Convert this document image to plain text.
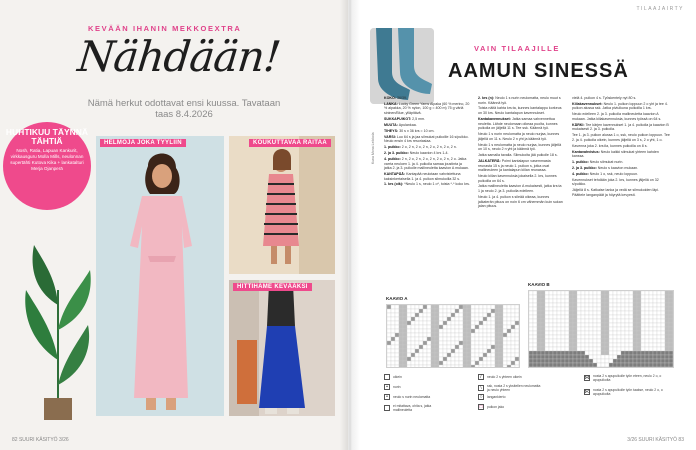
KEVÄÄN IHANIN MEKKOEXTRA
Nähdään!
Nämä herkut odottavat ensi kuussa. Tavataan taas 8.4.2026
HUHTIKUU TÄYNNÄ TÄHTIÄ
Nosh, Ratia, Lapuan Kankurit, virkkausguru Molla Mills, neulonnan supertähti Kutova Kika + lankatalturi Merja Ojanperä
HELMOJA JOKA TYYLIIN	KOUKUTTAVAA RAITAA
HITTIHAME KEVÄÄKSI
82 SUURI KÄSITYÖ 3/26
TILAAJAIRTY
3/26 SUURI KÄSITYÖ 83
VAIN TILAAJILLE
AAMUN SINESSÄ
Kuva Mona Leikkola

KOKO: 36/39.

LANKA: Lucky Green Yarns Alpaka (60 % merino, 20 % alpakka, 20 % nylon, 100 g = 400 m) 75 g väriä sininen/Blue, ylläpitävä.

SUKKAPUIKOT: 2,5 mm.

MUUTA: Apulankaa.

TIHEYS: 30 s x 36 krs = 10 cm.

VARSI: Luo 64 s ja jaa silmukat puikoille 16 s/puikko. Neulo ensin 4 krs resoriasiaa.

1. puikko: 2 o, 2 n, 2 o, 2 n, 2 o, 2 n, 2 o, 2 n.

2. ja 3. puikko: Neulo kaavion 4 krs 1-4.

4. puikko: 2 n, 2 o, 2 n, 2 o, 2 n, 2 o, 2 n, 2 o. Jatka varrta neuloen 1. ja 4. puikolla samaa joustinta ja jatka 2. ja 3. puikolle mallineuletta kaavion A mukaan.

KANTAPÄÄ: Kantapää neulotaan vahvistettuna kaksinkertaisella 1. ja 4. puikon silmukoilla 32 s.

1. krs (oik): *Neulo 1 s, neulo 1 o*, toista *-* koko krs.

2. krs (n): Neulo 1 s nurin neulomatta, neulo muut s nurin. Käännä työ.

Toista näitä kahta krs:ta, kunnes kantalappu korkeus on 30 krs. Neulo kantalapun kavennukset.

Kantakavennukset: Jatka samaa vahvennettua neuletta. Lähde neulomaan oikeaa puolta, kunnes puikolla on jäljellä 11 s. Tee ssk. Käännä työ.

Neulo 1 s nurin neulomatta ja neulo nurjaa, kunnes jäljellä on 11 s. Neulo 2 n yht ja käännä työ.

Neulo 1 s neulomatta ja neulo nurjaa, kunnes jäljellä on 10 s, neulo 2 n yht ja käännä työ.

Jatka samalla tavalla. Silmukoita jää puikolle 18 s.

JALKATERÄ: Poimi kantalapun vasemmasta reunasta 15 s ja neulo 1. puikon s, jotka ovat mallineuleen ja kantalapun kiilan reunassa.

Neulo kiilan kavennuksia jokaisella 2. krs, kunnes puikoilla on 64 s.

Jatka mallineuletta kaavion A mukaisesti, jatka krs:ta 1 ja neulo 2. ja 3. puikolla edelleen.

Neulo 1. ja 4. puikon s sileää oikeaa, kunnes jalkaterän pituus on noin 6 cm vähemmän kuin sukan jalan pituus.

vielä 4. puikon 4 s. Työskentely nyt 80 s.

Kiilakavennukset: Neulo 1. puikon loppuun 2 o yht ja tee 4. puikon alussa ssk. Jatka piviulkuna puikoilla 1 krs.

Neulo edelleen 2. ja 3. puikolla mallineuletta kaavion A mukaan. Jatka kiilakavennuksia, kunnes työssä on 64 s.

KÄRKI: Tee kärjen kavennukset 1. ja 4. puikolla ja kaavion B mukaisesti 2. ja 3. puikolla.

Tee 1. ja 3. puikon alussa 1 o, ssk, neulo puikon loppuun. Tee 2. ja 4. puikolla oikein, kunnes jäljellä on 3 s, 2 o yht, 1 o.

Kavenna joka 2. krs:lla, kunnes puikoilla on 8 s.

Kantavahvistus: Neulo kaikki silmukat yhteen kahden kanssa.

1. puikko: Neulo silmukat nurin.

2. ja 3. puikko: Neulo s kaavion mukaan.

4. puikko: Neulo 1 o, ssk, neulo loppuun.

Kavennukset tehdään joka 2. krs, kunnes jäljellä on 32 s/puikko.

Jäljellä 8 s. Katkaise lanka ja vedä se silmukoiden läpi. Päättele langanpäät ja höyrytä kevyesti.

KAAVIO A
KAAVIO B
oikein
▪	nurin
•	neulo s nurin neulomatta
ei mitattava, ohita s, jatka mallineuletta
/	neulo 2 s yhteen oikein
\	ssk, nosta 2 s yksitellen neulomatta ja neulo yhteen
○	langankierto
□	puikon jako
⋈ nosta 2 s apupuikolle työn eteen, neulo 2 o, o apupuikolta
⋉ nosta 2 s apupuikolle työn taakse, neulo 2 o, o apupuikolta
